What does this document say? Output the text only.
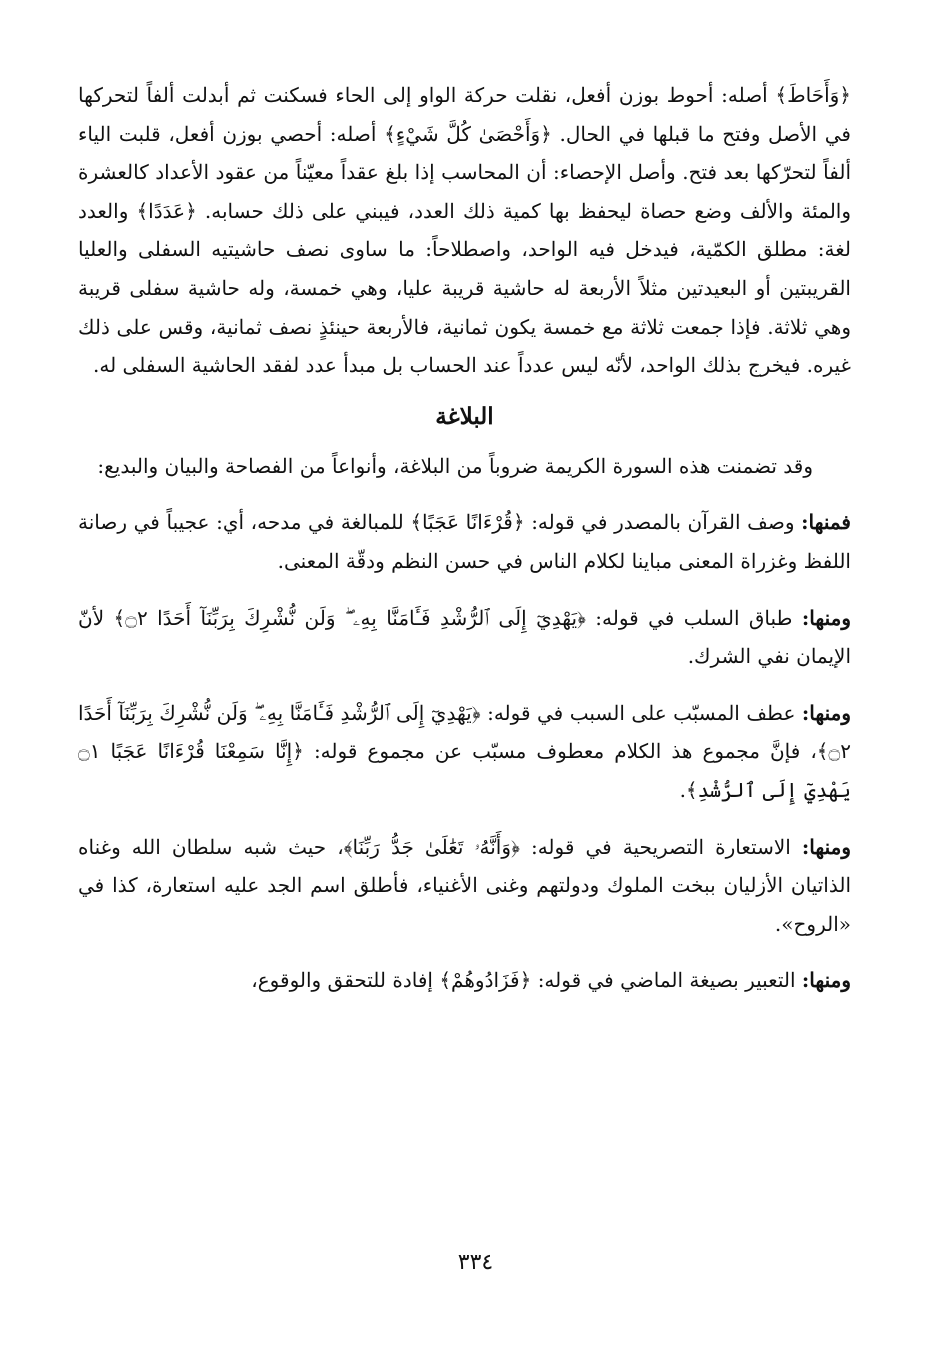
﴿وَأَحَاطَ﴾ أصله: أحوط بوزن أفعل، نقلت حركة الواو إلى الحاء فسكنت ثم أبدلت ألفاً لتحركها في الأصل وفتح ما قبلها في الحال. ﴿وَأَحْصَىٰ كُلَّ شَيْءٍ﴾ أصله: أحصي بوزن أفعل، قلبت الياء ألفاً لتحرّكها بعد فتح. وأصل الإحصاء: أن المحاسب إذا بلغ عقداً معيّناً من عقود الأعداد كالعشرة والمئة والألف وضع حصاة ليحفظ بها كمية ذلك العدد، فيبني على ذلك حسابه. ﴿عَدَدًا﴾ والعدد لغة: مطلق الكمّية، فيدخل فيه الواحد، واصطلاحاً: ما ساوى نصف حاشيتيه السفلى والعليا القريبتين أو البعيدتين مثلاً الأربعة له حاشية قريبة عليا، وهي خمسة، وله حاشية سفلى قريبة وهي ثلاثة. فإذا جمعت ثلاثة مع خمسة يكون ثمانية، فالأربعة حينئذٍ نصف ثمانية، وقس على ذلك غيره. فيخرج بذلك الواحد، لأنّه ليس عدداً عند الحساب بل مبدأ عدد لفقد الحاشية السفلى له.

البلاغة

وقد تضمنت هذه السورة الكريمة ضروباً من البلاغة، وأنواعاً من الفصاحة والبيان والبديع:

فمنها: وصف القرآن بالمصدر في قوله: ﴿قُرْءَانًا عَجَبًا﴾ للمبالغة في مدحه، أي: عجيباً في رصانة اللفظ وغزراة المعنى مباينا لكلام الناس في حسن النظم ودقّة المعنى.

ومنها: طباق السلب في قوله: ﴿يَهْدِيٓ إِلَى ٱلرُّشْدِ فَـَٔامَنَّا بِهِۦ ۖ وَلَن نُّشْرِكَ بِرَبِّنَآ أَحَدًا ۝٢﴾ لأنّ الإيمان نفي الشرك.

ومنها: عطف المسبّب على السبب في قوله: ﴿يَهْدِيٓ إِلَى ٱلرُّشْدِ فَـَٔامَنَّا بِهِۦ ۖ وَلَن نُّشْرِكَ بِرَبِّنَآ أَحَدًا ۝٢﴾، فإنَّ مجموع هذ الكلام معطوف مسبّب عن مجموع قوله: ﴿إِنَّا سَمِعْنَا قُرْءَانًا عَجَبًا ۝١ يَهْدِيٓ إِلَى ٱلرُّشْدِ﴾.

ومنها: الاستعارة التصريحية في قوله: ﴿وَأَنَّهُۥ تَعَٰلَىٰ جَدُّ رَبِّنَا﴾، حيث شبه سلطان الله وغناه الذاتيان الأزليان ببخت الملوك ودولتهم وغنى الأغنياء، فأطلق اسم الجد عليه استعارة، كذا في «الروح».

ومنها: التعبير بصيغة الماضي في قوله: ﴿فَزَادُوهُمْ﴾ إفادة للتحقق والوقوع،

٣٣٤
